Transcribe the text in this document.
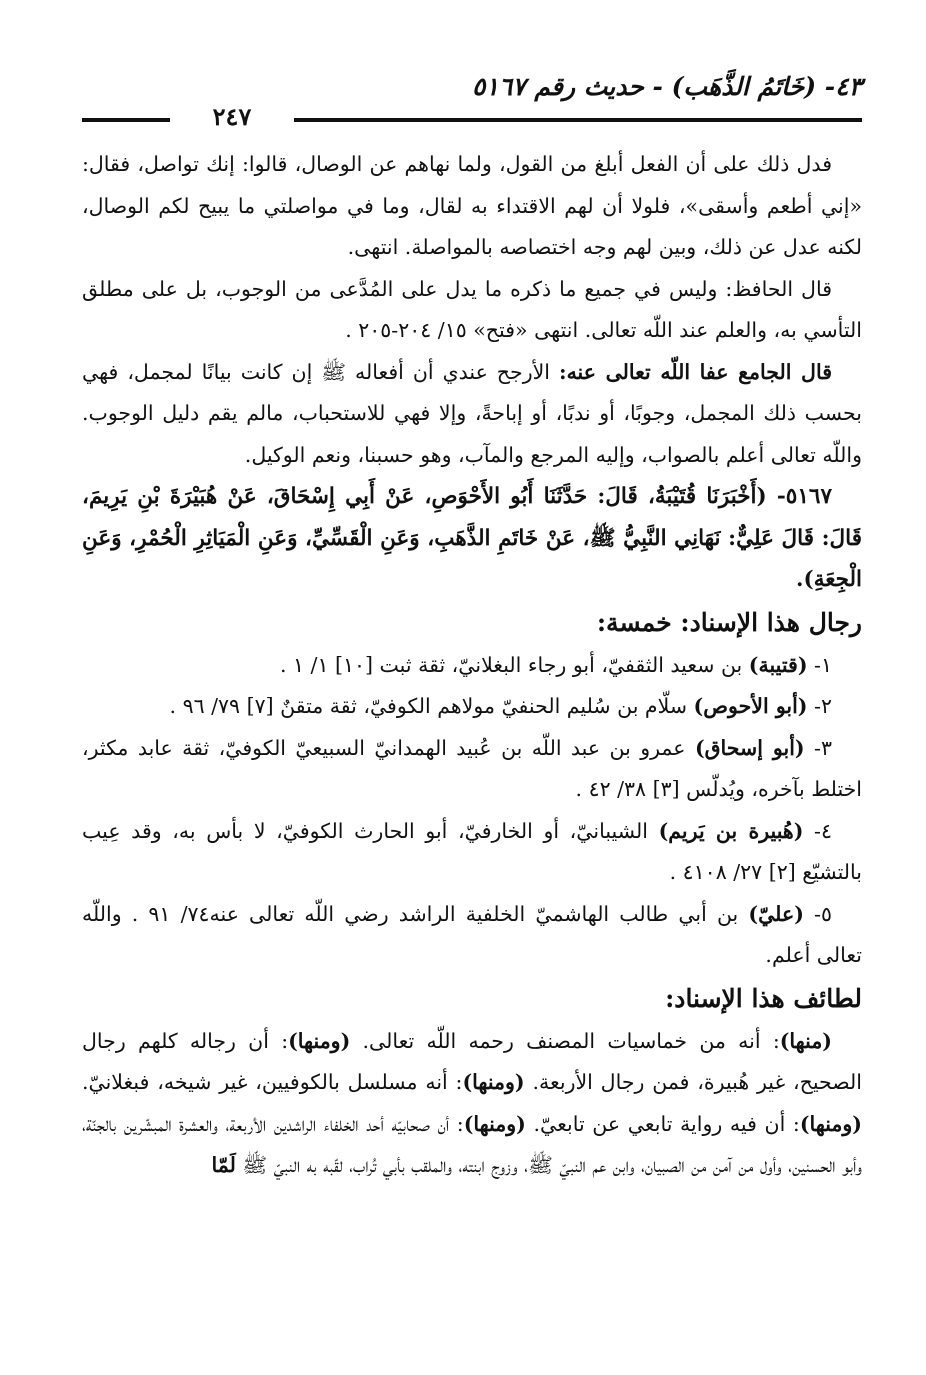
٤٣- (خَاتَمُ الذَّهَب) - حديث رقم ٥١٦٧
٢٤٧

فدل ذلك على أن الفعل أبلغ من القول، ولما نهاهم عن الوصال، قالوا: إنك تواصل، فقال: «إني أطعم وأسقى»، فلولا أن لهم الاقتداء به لقال، وما في مواصلتي ما يبيح لكم الوصال، لكنه عدل عن ذلك، وبين لهم وجه اختصاصه بالمواصلة. انتهى.

قال الحافظ: وليس في جميع ما ذكره ما يدل على المُدَّعى من الوجوب، بل على مطلق التأسي به، والعلم عند اللّه تعالى. انتهى «فتح» ١٥/ ٢٠٤-٢٠٥ .

قال الجامع عفا اللّه تعالى عنه: الأرجح عندي أن أفعاله ﷺ إن كانت بيانًا لمجمل، فهي بحسب ذلك المجمل، وجوبًا، أو ندبًا، أو إباحةً، وإلا فهي للاستحباب، مالم يقم دليل الوجوب. واللّه تعالى أعلم بالصواب، وإليه المرجع والمآب، وهو حسبنا، ونعم الوكيل.

٥١٦٧- (أَخْبَرَنَا قُتَيْبَةُ، قَالَ: حَدَّثَنَا أَبُو الأَحْوَصِ، عَنْ أَبِي إِسْحَاقَ، عَنْ هُبَيْرَةَ بْنِ يَرِيمَ، قَالَ: قَالَ عَلِيٌّ: نَهَانِي النَّبِيُّ ﷺ، عَنْ خَاتَمِ الذَّهَبِ، وَعَنِ الْقَسِّيِّ، وَعَنِ الْمَيَاثِرِ الْحُمْرِ، وَعَنِ الْجِعَةِ).

رجال هذا الإسناد: خمسة:

١- (قتيبة) بن سعيد الثقفيّ، أبو رجاء البغلانيّ، ثقة ثبت [١٠] ١/ ١ .

٢- (أبو الأحوص) سلّام بن سُليم الحنفيّ مولاهم الكوفيّ، ثقة متقنٌ [٧] ٧٩/ ٩٦ .

٣- (أبو إسحاق) عمرو بن عبد اللّه بن عُبيد الهمدانيّ السبيعيّ الكوفيّ، ثقة عابد مكثر، اختلط بآخره، ويُدلّس [٣] ٣٨/ ٤٢ .

٤- (هُبيرة بن يَريم) الشيبانيّ، أو الخارفيّ، أبو الحارث الكوفيّ، لا بأس به، وقد عِيب بالتشيّع [٢] ٢٧/ ٤١٠٨ .

٥- (عليّ) بن أبي طالب الهاشميّ الخلفية الراشد رضي اللّه تعالى عنه٧٤/ ٩١ . واللّه تعالى أعلم.

لطائف هذا الإسناد:

(منها): أنه من خماسيات المصنف رحمه اللّه تعالى. (ومنها): أن رجاله كلهم رجال الصحيح، غير هُبيرة، فمن رجال الأربعة. (ومنها): أنه مسلسل بالكوفيين، غير شيخه، فبغلانيّ. (ومنها): أن فيه رواية تابعي عن تابعيّ. (ومنها): أن صحابيّه أحد الخلفاء الراشدين الأربعة، والعشرة المبشّرين بالجنّة، وأبو الحسنين، وأول من آمن من الصبيان، وابن عم النبيّ ﷺ، وزوج ابنته، والملقب بأبي تُراب، لقّبه به النبيّ ﷺ لَمّا
